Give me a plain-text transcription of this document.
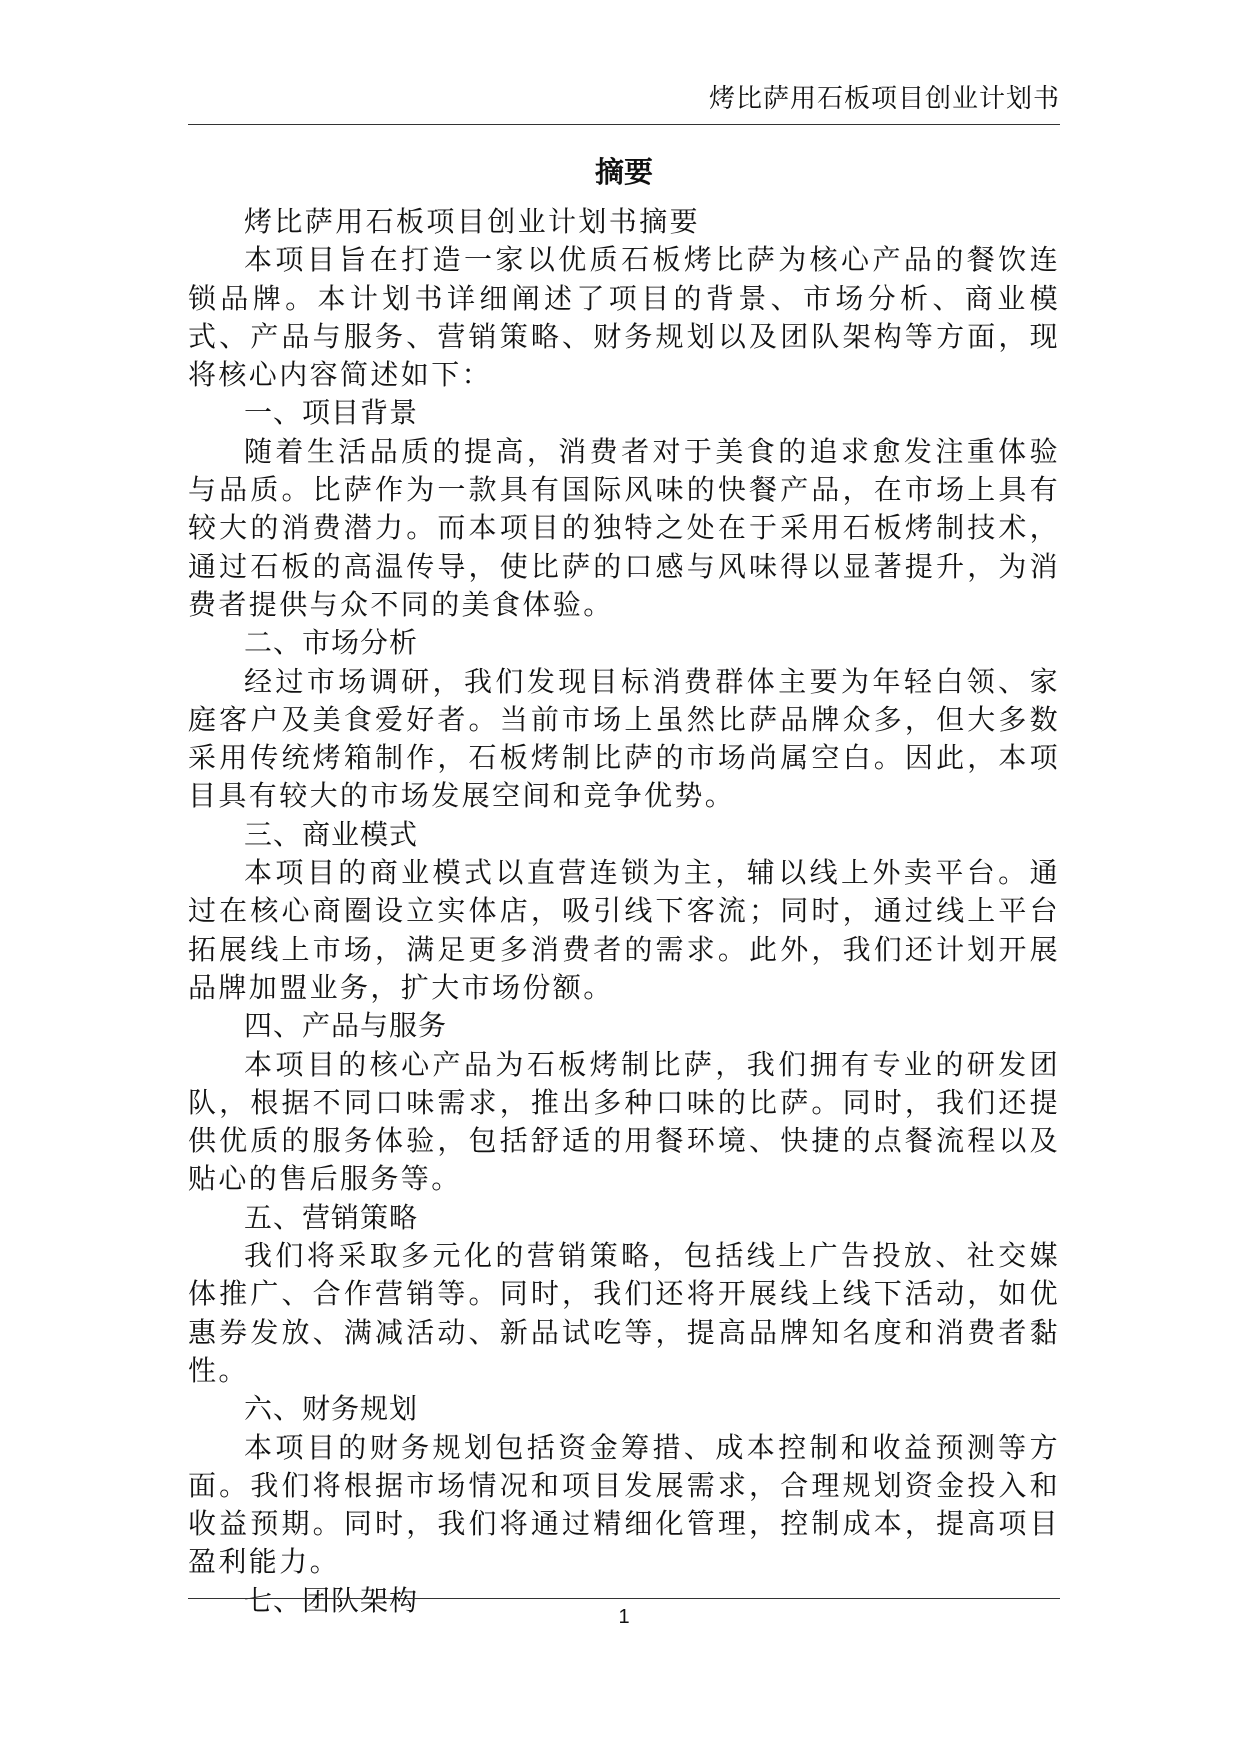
烤比萨用石板项目创业计划书
摘要

烤比萨用石板项目创业计划书摘要

本项目旨在打造一家以优质石板烤比萨为核心产品的餐饮连锁品牌。本计划书详细阐述了项目的背景、市场分析、商业模式、产品与服务、营销策略、财务规划以及团队架构等方面，现将核心内容简述如下：

一、项目背景

随着生活品质的提高，消费者对于美食的追求愈发注重体验与品质。比萨作为一款具有国际风味的快餐产品，在市场上具有较大的消费潜力。而本项目的独特之处在于采用石板烤制技术，通过石板的高温传导，使比萨的口感与风味得以显著提升，为消费者提供与众不同的美食体验。

二、市场分析

经过市场调研，我们发现目标消费群体主要为年轻白领、家庭客户及美食爱好者。当前市场上虽然比萨品牌众多，但大多数采用传统烤箱制作，石板烤制比萨的市场尚属空白。因此，本项目具有较大的市场发展空间和竞争优势。

三、商业模式

本项目的商业模式以直营连锁为主，辅以线上外卖平台。通过在核心商圈设立实体店，吸引线下客流；同时，通过线上平台拓展线上市场，满足更多消费者的需求。此外，我们还计划开展品牌加盟业务，扩大市场份额。

四、产品与服务

本项目的核心产品为石板烤制比萨，我们拥有专业的研发团队，根据不同口味需求，推出多种口味的比萨。同时，我们还提供优质的服务体验，包括舒适的用餐环境、快捷的点餐流程以及贴心的售后服务等。

五、营销策略

我们将采取多元化的营销策略，包括线上广告投放、社交媒体推广、合作营销等。同时，我们还将开展线上线下活动，如优惠券发放、满减活动、新品试吃等，提高品牌知名度和消费者黏性。

六、财务规划

本项目的财务规划包括资金筹措、成本控制和收益预测等方面。我们将根据市场情况和项目发展需求，合理规划资金投入和收益预期。同时，我们将通过精细化管理，控制成本，提高项目盈利能力。

七、团队架构

1
